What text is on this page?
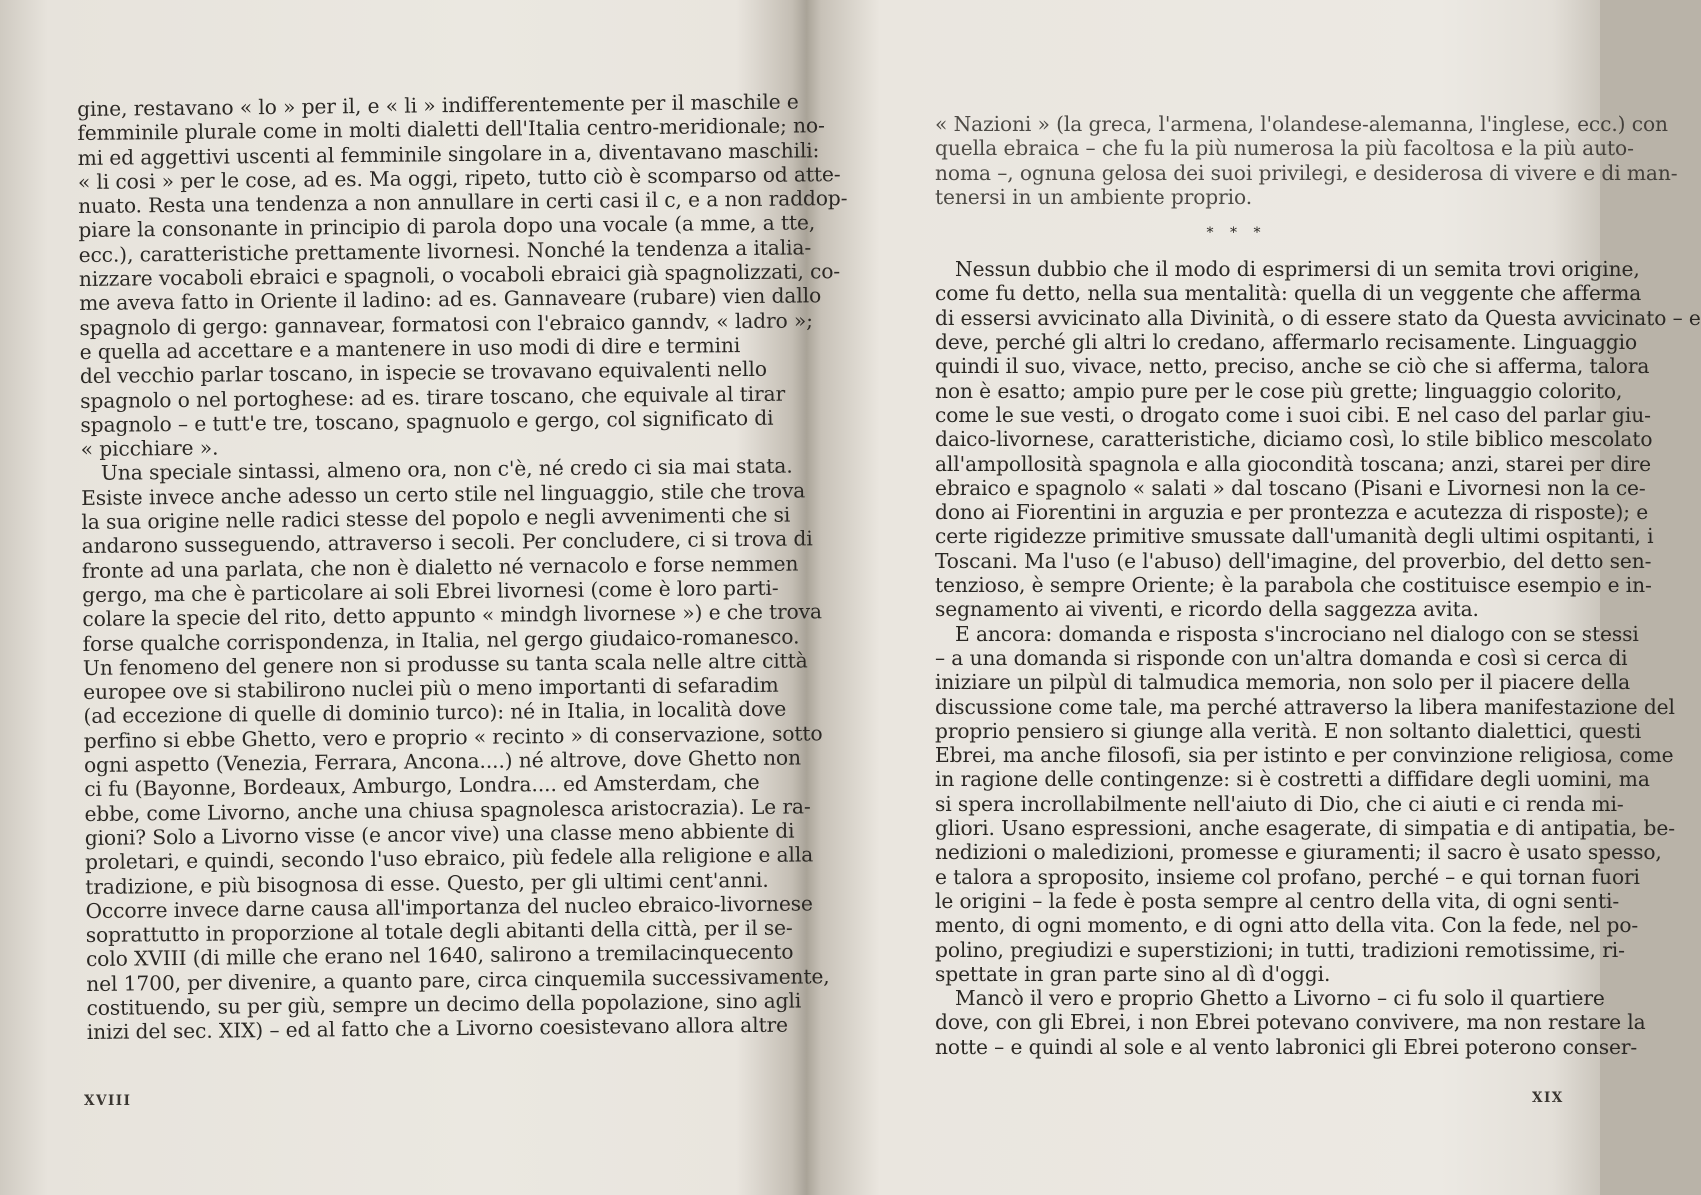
gine, restavano « lo » per il, e « li » indifferentemente per il maschile e
femminile plurale come in molti dialetti dell'Italia centro-meridionale; no-
mi ed aggettivi uscenti al femminile singolare in a, diventavano maschili:
« li cosi » per le cose, ad es. Ma oggi, ripeto, tutto ciò è scomparso od atte-
nuato. Resta una tendenza a non annullare in certi casi il c, e a non raddop-
piare la consonante in principio di parola dopo una vocale (a mme, a tte,
ecc.), caratteristiche prettamente livornesi. Nonché la tendenza a italia-
nizzare vocaboli ebraici e spagnoli, o vocaboli ebraici già spagnolizzati, co-
me aveva fatto in Oriente il ladino: ad es. Gannaveare (rubare) vien dallo
spagnolo di gergo: gannavear, formatosi con l'ebraico ganndv, « ladro »;
e quella ad accettare e a mantenere in uso modi di dire e termini
del vecchio parlar toscano, in ispecie se trovavano equivalenti nello
spagnolo o nel portoghese: ad es. tirare toscano, che equivale al tirar
spagnolo – e tutt'e tre, toscano, spagnuolo e gergo, col significato di
« picchiare ».
Una speciale sintassi, almeno ora, non c'è, né credo ci sia mai stata.
Esiste invece anche adesso un certo stile nel linguaggio, stile che trova
la sua origine nelle radici stesse del popolo e negli avvenimenti che si
andarono susseguendo, attraverso i secoli. Per concludere, ci si trova di
fronte ad una parlata, che non è dialetto né vernacolo e forse nemmen
gergo, ma che è particolare ai soli Ebrei livornesi (come è loro parti-
colare la specie del rito, detto appunto « mindgh livornese ») e che trova
forse qualche corrispondenza, in Italia, nel gergo giudaico-romanesco.
Un fenomeno del genere non si produsse su tanta scala nelle altre città
europee ove si stabilirono nuclei più o meno importanti di sefaradim
(ad eccezione di quelle di dominio turco): né in Italia, in località dove
perfino si ebbe Ghetto, vero e proprio « recinto » di conservazione, sotto
ogni aspetto (Venezia, Ferrara, Ancona....) né altrove, dove Ghetto non
ci fu (Bayonne, Bordeaux, Amburgo, Londra.... ed Amsterdam, che
ebbe, come Livorno, anche una chiusa spagnolesca aristocrazia). Le ra-
gioni? Solo a Livorno visse (e ancor vive) una classe meno abbiente di
proletari, e quindi, secondo l'uso ebraico, più fedele alla religione e alla
tradizione, e più bisognosa di esse. Questo, per gli ultimi cent'anni.
Occorre invece darne causa all'importanza del nucleo ebraico-livornese
soprattutto in proporzione al totale degli abitanti della città, per il se-
colo XVIII (di mille che erano nel 1640, salirono a tremilacinquecento
nel 1700, per divenire, a quanto pare, circa cinquemila successivamente,
costituendo, su per giù, sempre un decimo della popolazione, sino agli
inizi del sec. XIX) – ed al fatto che a Livorno coesistevano allora altre
XVIII
« Nazioni » (la greca, l'armena, l'olandese-alemanna, l'inglese, ecc.) con
quella ebraica – che fu la più numerosa la più facoltosa e la più auto-
noma –, ognuna gelosa dei suoi privilegi, e desiderosa di vivere e di man-
tenersi in un ambiente proprio.
* * *
Nessun dubbio che il modo di esprimersi di un semita trovi origine,
come fu detto, nella sua mentalità: quella di un veggente che afferma
di essersi avvicinato alla Divinità, o di essere stato da Questa avvicinato – e
deve, perché gli altri lo credano, affermarlo recisamente. Linguaggio
quindi il suo, vivace, netto, preciso, anche se ciò che si afferma, talora
non è esatto; ampio pure per le cose più grette; linguaggio colorito,
come le sue vesti, o drogato come i suoi cibi. E nel caso del parlar giu-
daico-livornese, caratteristiche, diciamo così, lo stile biblico mescolato
all'ampollosità spagnola e alla giocondità toscana; anzi, starei per dire
ebraico e spagnolo « salati » dal toscano (Pisani e Livornesi non la ce-
dono ai Fiorentini in arguzia e per prontezza e acutezza di risposte); e
certe rigidezze primitive smussate dall'umanità degli ultimi ospitanti, i
Toscani. Ma l'uso (e l'abuso) dell'imagine, del proverbio, del detto sen-
tenzioso, è sempre Oriente; è la parabola che costituisce esempio e in-
segnamento ai viventi, e ricordo della saggezza avita.
E ancora: domanda e risposta s'incrociano nel dialogo con se stessi
– a una domanda si risponde con un'altra domanda e così si cerca di
iniziare un pilpùl di talmudica memoria, non solo per il piacere della
discussione come tale, ma perché attraverso la libera manifestazione del
proprio pensiero si giunge alla verità. E non soltanto dialettici, questi
Ebrei, ma anche filosofi, sia per istinto e per convinzione religiosa, come
in ragione delle contingenze: si è costretti a diffidare degli uomini, ma
si spera incrollabilmente nell'aiuto di Dio, che ci aiuti e ci renda mi-
gliori. Usano espressioni, anche esagerate, di simpatia e di antipatia, be-
nedizioni o maledizioni, promesse e giuramenti; il sacro è usato spesso,
e talora a sproposito, insieme col profano, perché – e qui tornan fuori
le origini – la fede è posta sempre al centro della vita, di ogni senti-
mento, di ogni momento, e di ogni atto della vita. Con la fede, nel po-
polino, pregiudizi e superstizioni; in tutti, tradizioni remotissime, ri-
spettate in gran parte sino al dì d'oggi.
Mancò il vero e proprio Ghetto a Livorno – ci fu solo il quartiere
dove, con gli Ebrei, i non Ebrei potevano convivere, ma non restare la
notte – e quindi al sole e al vento labronici gli Ebrei poterono conser-
XIX
